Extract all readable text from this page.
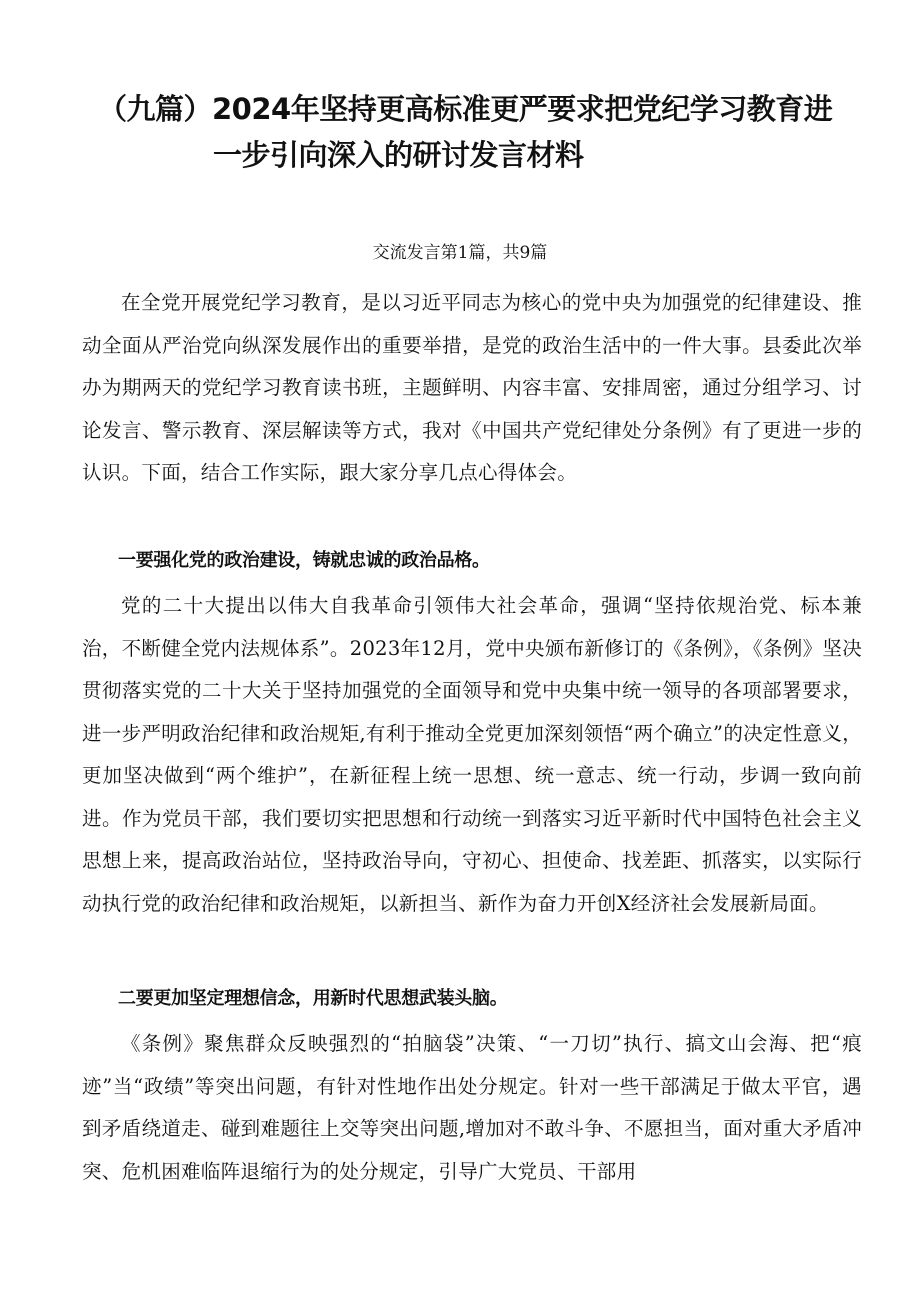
（九篇）2024年坚持更高标准更严要求把党纪学习教育进
一步引向深入的研讨发言材料
交流发言第1篇，共9篇

在全党开展党纪学习教育，是以习近平同志为核心的党中央为加强党的纪律建设、推动全面从严治党向纵深发展作出的重要举措，是党的政治生活中的一件大事。县委此次举办为期两天的党纪学习教育读书班，主题鲜明、内容丰富、安排周密，通过分组学习、讨论发言、警示教育、深层解读等方式，我对《中国共产党纪律处分条例》有了更进一步的认识。下面，结合工作实际，跟大家分享几点心得体会。

一要强化党的政治建设，铸就忠诚的政治品格。

党的二十大提出以伟大自我革命引领伟大社会革命，强调“坚持依规治党、标本兼治，不断健全党内法规体系”。2023年12月，党中央颁布新修订的《条例》，《条例》坚决贯彻落实党的二十大关于坚持加强党的全面领导和党中央集中统一领导的各项部署要求，进一步严明政治纪律和政治规矩,有利于推动全党更加深刻领悟“两个确立”的决定性意义，更加坚决做到“两个维护”，在新征程上统一思想、统一意志、统一行动，步调一致向前进。作为党员干部，我们要切实把思想和行动统一到落实习近平新时代中国特色社会主义思想上来，提高政治站位，坚持政治导向，守初心、担使命、找差距、抓落实，以实际行动执行党的政治纪律和政治规矩，以新担当、新作为奋力开创X经济社会发展新局面。

二要更加坚定理想信念，用新时代思想武装头脑。

《条例》聚焦群众反映强烈的“拍脑袋”决策、“一刀切”执行、搞文山会海、把“痕迹”当“政绩”等突出问题，有针对性地作出处分规定。针对一些干部满足于做太平官，遇到矛盾绕道走、碰到难题往上交等突出问题,增加对不敢斗争、不愿担当，面对重大矛盾冲突、危机困难临阵退缩行为的处分规定，引导广大党员、干部用
